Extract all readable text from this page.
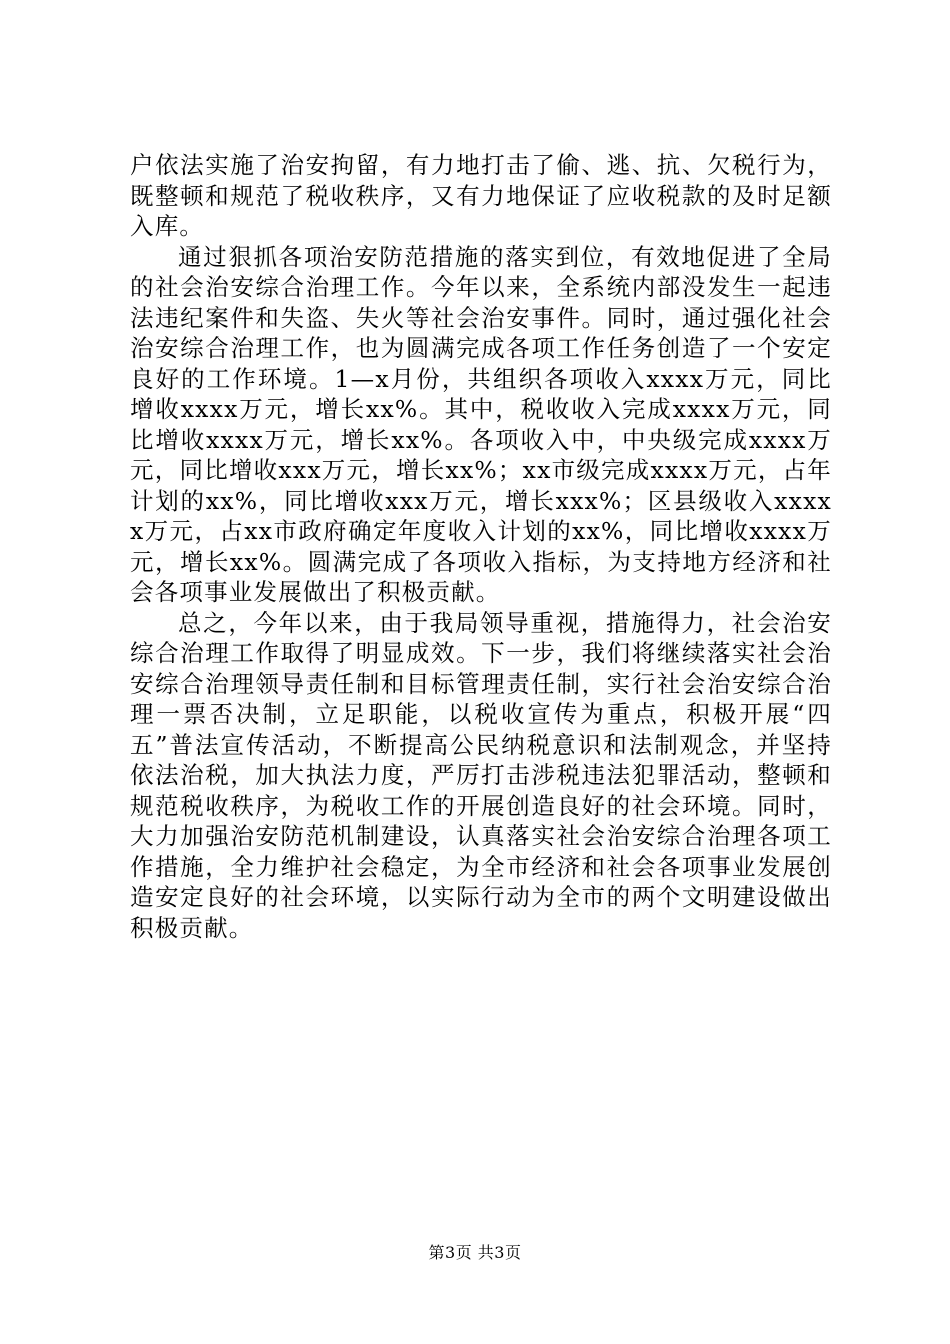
户依法实施了治安拘留，有力地打击了偷、逃、抗、欠税行为，既整顿和规范了税收秩序，又有力地保证了应收税款的及时足额入库。

通过狠抓各项治安防范措施的落实到位，有效地促进了全局的社会治安综合治理工作。今年以来，全系统内部没发生一起违法违纪案件和失盗、失火等社会治安事件。同时，通过强化社会治安综合治理工作，也为圆满完成各项工作任务创造了一个安定良好的工作环境。1—x月份，共组织各项收入xxxx万元，同比增收xxxx万元，增长xx%。其中，税收收入完成xxxx万元，同比增收xxxx万元，增长xx%。各项收入中，中央级完成xxxx万元，同比增收xxx万元，增长xx%；xx市级完成xxxx万元，占年计划的xx%，同比增收xxx万元，增长xxx%；区县级收入xxxxx万元，占xx市政府确定年度收入计划的xx%，同比增收xxxx万元，增长xx%。圆满完成了各项收入指标，为支持地方经济和社会各项事业发展做出了积极贡献。

总之，今年以来，由于我局领导重视，措施得力，社会治安综合治理工作取得了明显成效。下一步，我们将继续落实社会治安综合治理领导责任制和目标管理责任制，实行社会治安综合治理一票否决制，立足职能，以税收宣传为重点，积极开展“四五”普法宣传活动，不断提高公民纳税意识和法制观念，并坚持依法治税，加大执法力度，严厉打击涉税违法犯罪活动，整顿和规范税收秩序，为税收工作的开展创造良好的社会环境。同时，大力加强治安防范机制建设，认真落实社会治安综合治理各项工作措施，全力维护社会稳定，为全市经济和社会各项事业发展创造安定良好的社会环境，以实际行动为全市的两个文明建设做出积极贡献。

第3页 共3页
